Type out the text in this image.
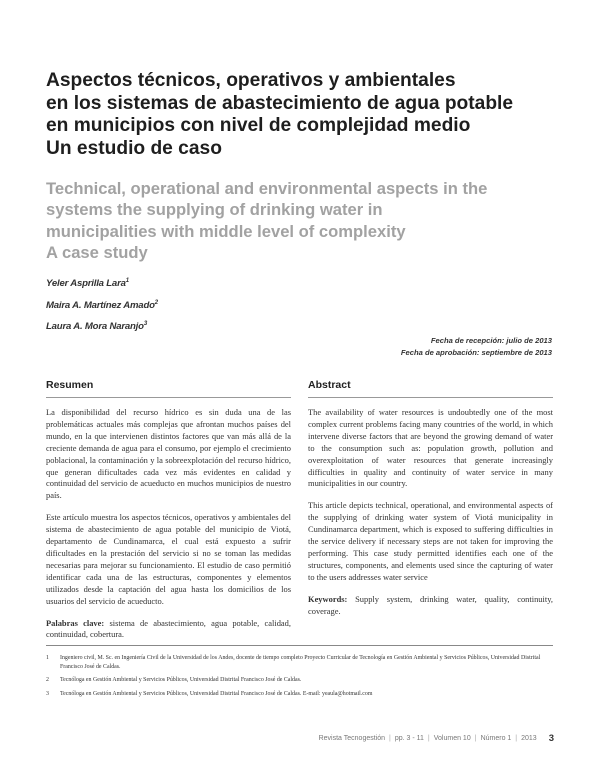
Aspectos técnicos, operativos y ambientales
en los sistemas de abastecimiento de agua potable
en municipios con nivel de complejidad medio
Un estudio de caso
Technical, operational and environmental aspects in the
systems the supplying of drinking water in
municipalities with middle level of complexity
A case study
Yeler Asprilla Lara$^1$
Maira A. Martínez Amado$^2$
Laura A. Mora Naranjo$^3$
Fecha de recepción: julio de 2013
Fecha de aprobación: septiembre de 2013
Resumen

La disponibilidad del recurso hídrico es sin duda una de las problemáticas actuales más complejas que afrontan muchos países del mundo, en la que intervienen distintos factores que van más allá de la creciente demanda de agua para el consumo, por ejemplo el crecimiento poblacional, la contaminación y la sobreexplotación del recurso hídrico, que generan dificultades cada vez más evidentes en calidad y continuidad del servicio de acueducto en muchos municipios de nuestro país.

Este artículo muestra los aspectos técnicos, operativos y ambientales del sistema de abastecimiento de agua potable del municipio de Viotá, departamento de Cundinamarca, el cual está expuesto a sufrir dificultades en la prestación del servicio si no se toman las medidas necesarias para mejorar su funcionamiento. El estudio de caso permitió identificar cada una de las estructuras, componentes y elementos utilizados desde la captación del agua hasta los domicilios de los usuarios del servicio de acueducto.

Palabras clave: sistema de abastecimiento, agua potable, calidad, continuidad, cobertura.

Abstract

The availability of water resources is undoubtedly one of the most complex current problems facing many countries of the world, in which intervene diverse factors that are beyond the growing demand of water to the consumption such as: population growth, pollution and overexploitation of water resources that generate increasingly difficulties in quality and continuity of water service in many municipalities in our country.

This article depicts technical, operational, and environmental aspects of the supplying of drinking water system of Viotá municipality in Cundinamarca department, which is exposed to suffering difficulties in the service delivery if necessary steps are not taken for improving the performing. This case study permitted identifies each one of the structures, components, and elements used since the capturing of water to the users addresses water service

Keywords: Supply system, drinking water, quality, continuity, coverage.

1	Ingeniero civil, M. Sc. en Ingeniería Civil de la Universidad de los Andes, docente de tiempo completo Proyecto Curricular de Tecnología en Gestión Ambiental y Servicios Públicos, Universidad Distrital Francisco José de Caldas.
2	Tecnóloga en Gestión Ambiental y Servicios Públicos, Universidad Distrital Francisco José de Caldas.
3	Tecnóloga en Gestión Ambiental y Servicios Públicos, Universidad Distrital Francisco José de Caldas. E-mail: yeaula@hotmail.com
Revista Tecnogestión | pp. 3 - 11 | Volumen 10 | Número 1 | 2013 3
